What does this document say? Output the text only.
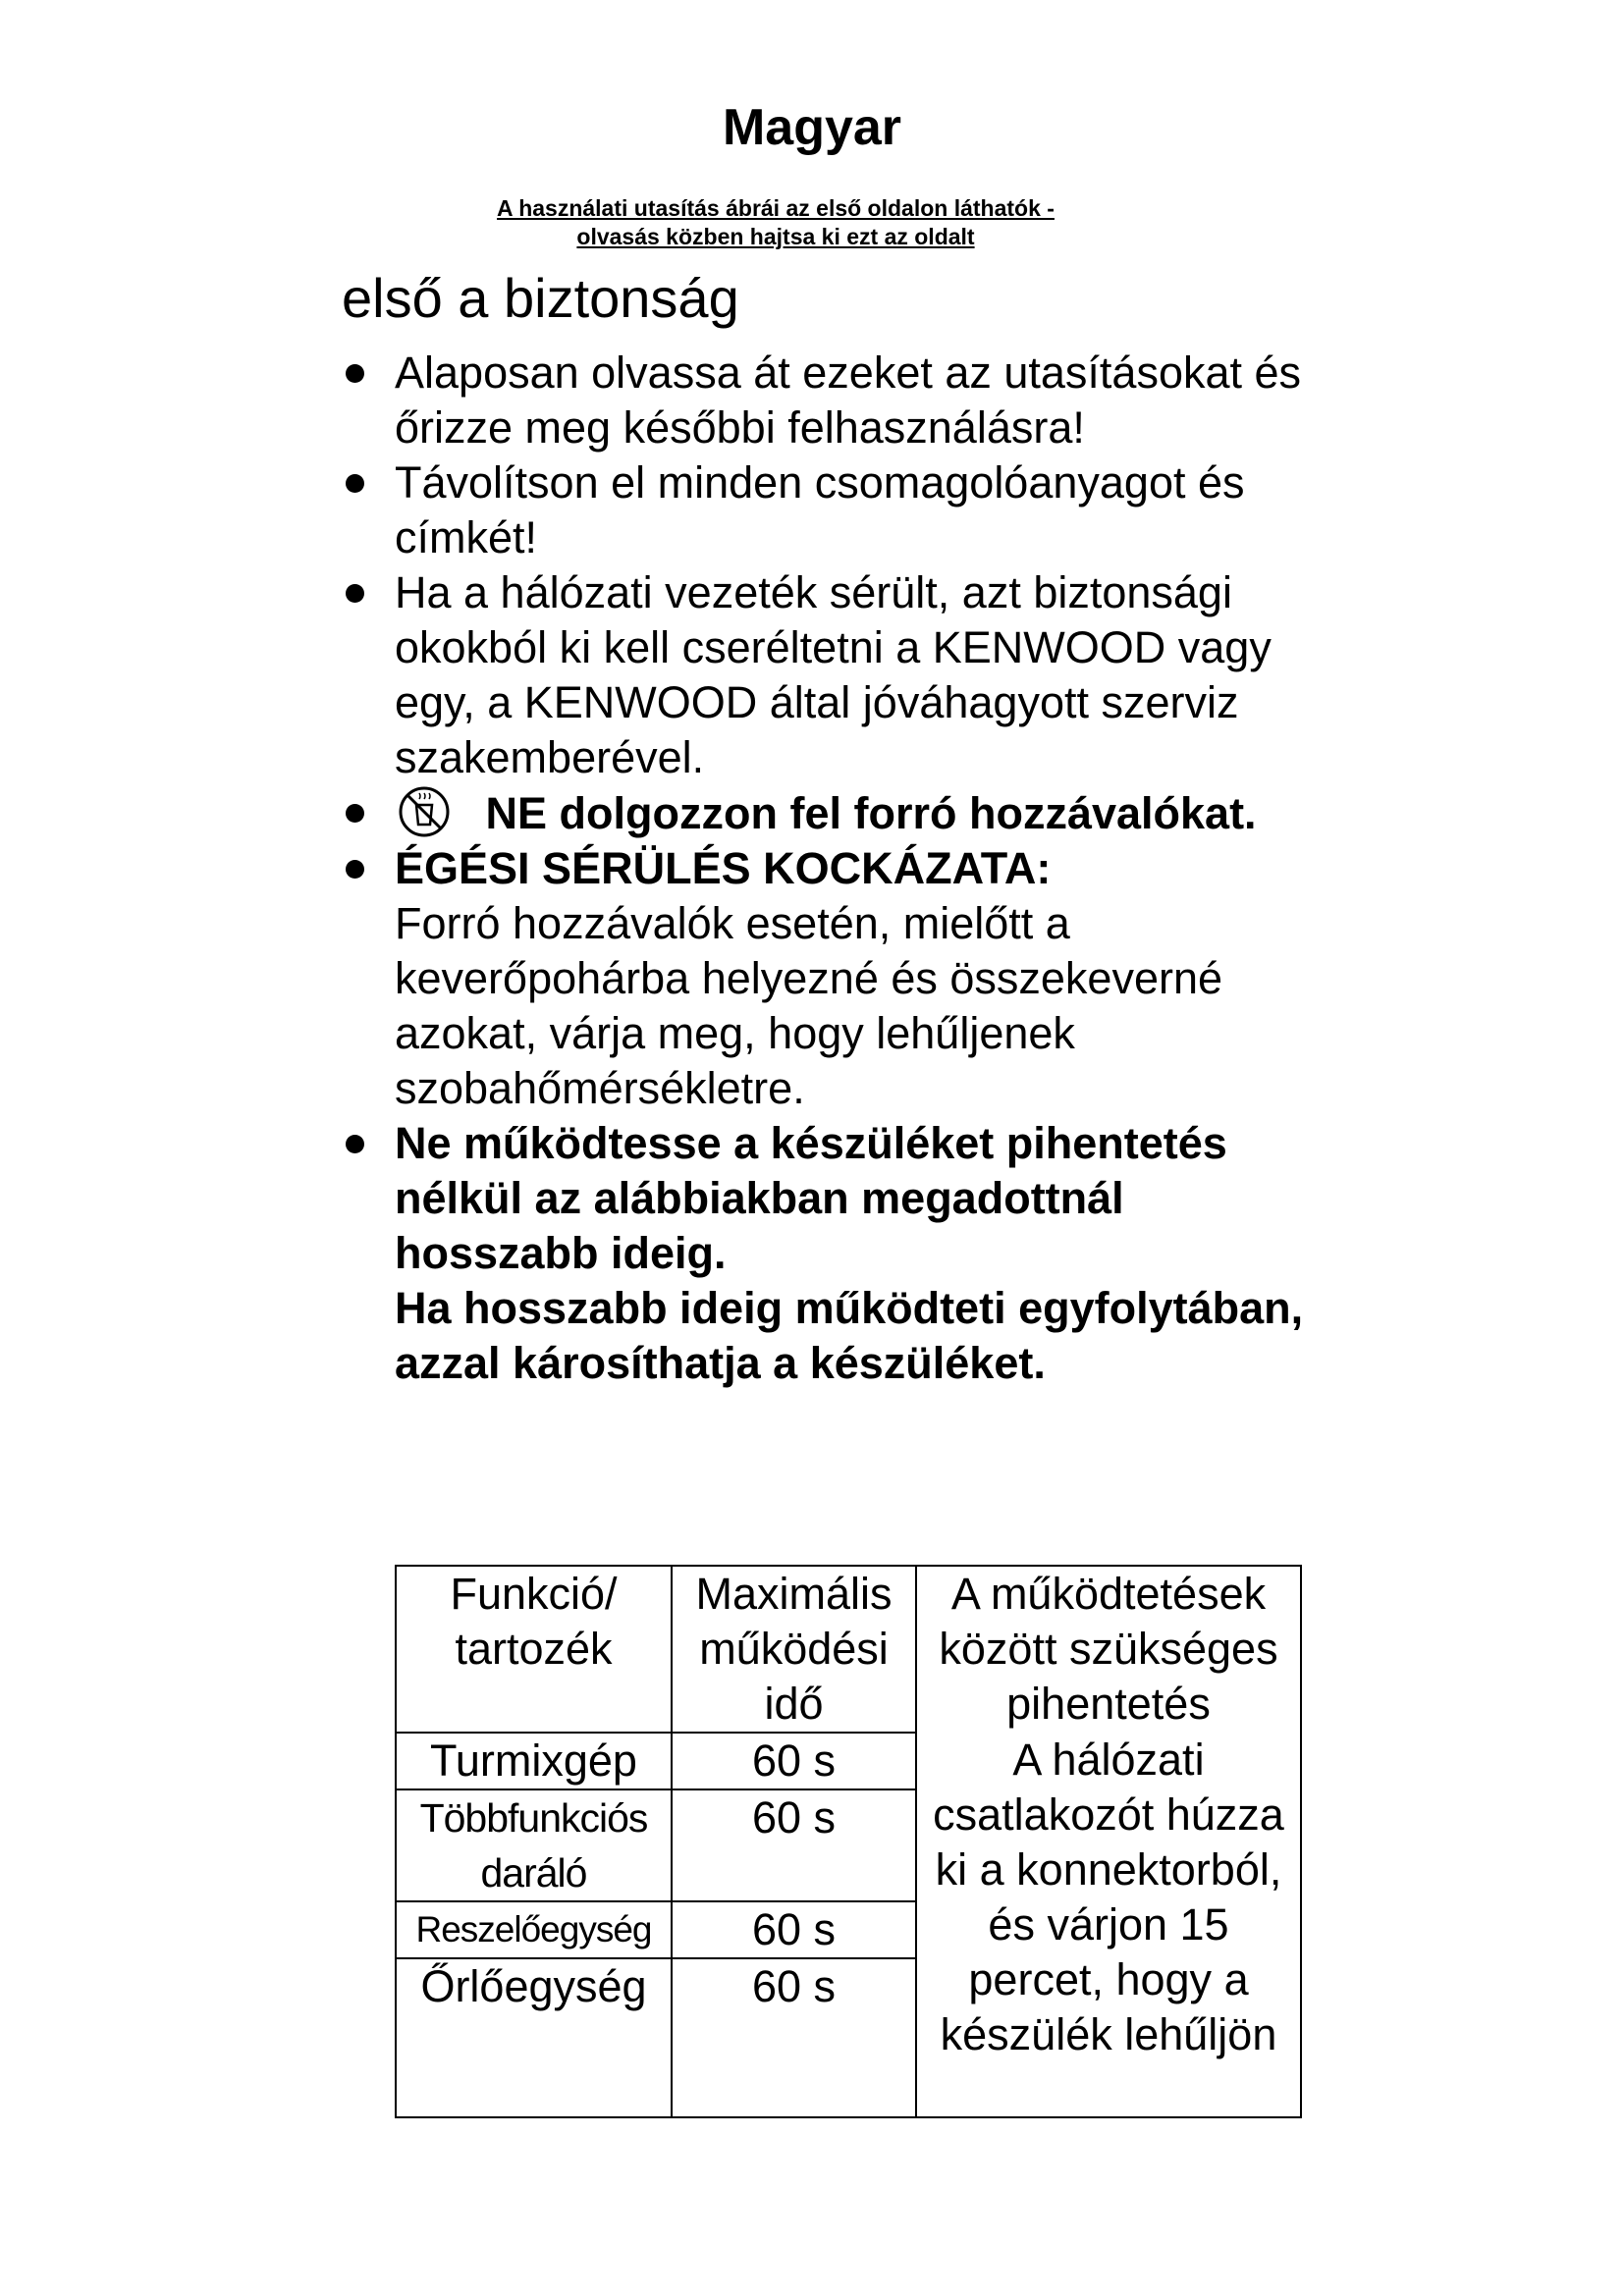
Magyar
A használati utasítás ábrái az első oldalon láthatók -
olvasás közben hajtsa ki ezt az oldalt
első a biztonság
Alaposan olvassa át ezeket az utasításokat és őrizze meg későbbi felhasználásra!
Távolítson el minden csomagolóanyagot és címkét!
Ha a hálózati vezeték sérült, azt biztonsági okokból ki kell cseréltetni a KENWOOD vagy egy, a KENWOOD által jóváhagyott szerviz szakemberével.
NE dolgozzon fel forró hozzávalókat.
ÉGÉSI SÉRÜLÉS KOCKÁZATA:
Forró hozzávalók esetén, mielőtt a keverőpohárba helyezné és összekeverné azokat, várja meg, hogy lehűljenek szobahőmérsékletre.
Ne működtesse a készüléket pihentetés nélkül az alábbiakban megadottnál hosszabb ideig.
Ha hosszabb ideig működteti egyfolytában, azzal károsíthatja a készüléket.
Funkció/ tartozék	Maximális működési idő	A működtetések között szükséges pihentetés
Turmixgép	60 s	A hálózati csatlakozót húzza ki a konnektorból, és várjon 15 percet, hogy a készülék lehűljön
Többfunkciós daráló	60 s	
Reszelőegység	60 s	
Őrlőegység	60 s	
